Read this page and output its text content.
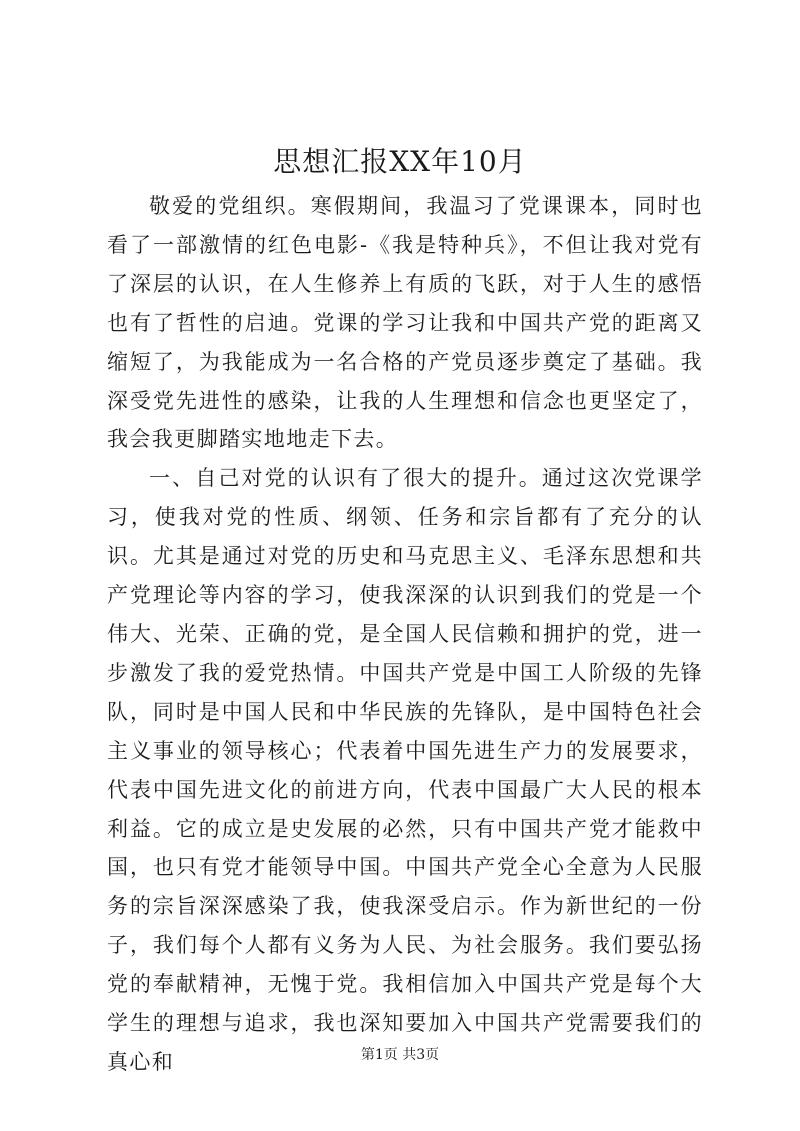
思想汇报XX年10月

敬爱的党组织。寒假期间，我温习了党课课本，同时也看了一部激情的红色电影-《我是特种兵》，不但让我对党有了深层的认识，在人生修养上有质的飞跃，对于人生的感悟也有了哲性的启迪。党课的学习让我和中国共产党的距离又缩短了，为我能成为一名合格的产党员逐步奠定了基础。我深受党先进性的感染，让我的人生理想和信念也更坚定了，我会我更脚踏实地地走下去。

一、自己对党的认识有了很大的提升。通过这次党课学习，使我对党的性质、纲领、任务和宗旨都有了充分的认识。尤其是通过对党的历史和马克思主义、毛泽东思想和共产党理论等内容的学习，使我深深的认识到我们的党是一个伟大、光荣、正确的党，是全国人民信赖和拥护的党，进一步激发了我的爱党热情。中国共产党是中国工人阶级的先锋队，同时是中国人民和中华民族的先锋队，是中国特色社会主义事业的领导核心；代表着中国先进生产力的发展要求，代表中国先进文化的前进方向，代表中国最广大人民的根本利益。它的成立是史发展的必然，只有中国共产党才能救中国，也只有党才能领导中国。中国共产党全心全意为人民服务的宗旨深深感染了我，使我深受启示。作为新世纪的一份子，我们每个人都有义务为人民、为社会服务。我们要弘扬党的奉献精神，无愧于党。我相信加入中国共产党是每个大学生的理想与追求，我也深知要加入中国共产党需要我们的真心和	第1页 共3页
